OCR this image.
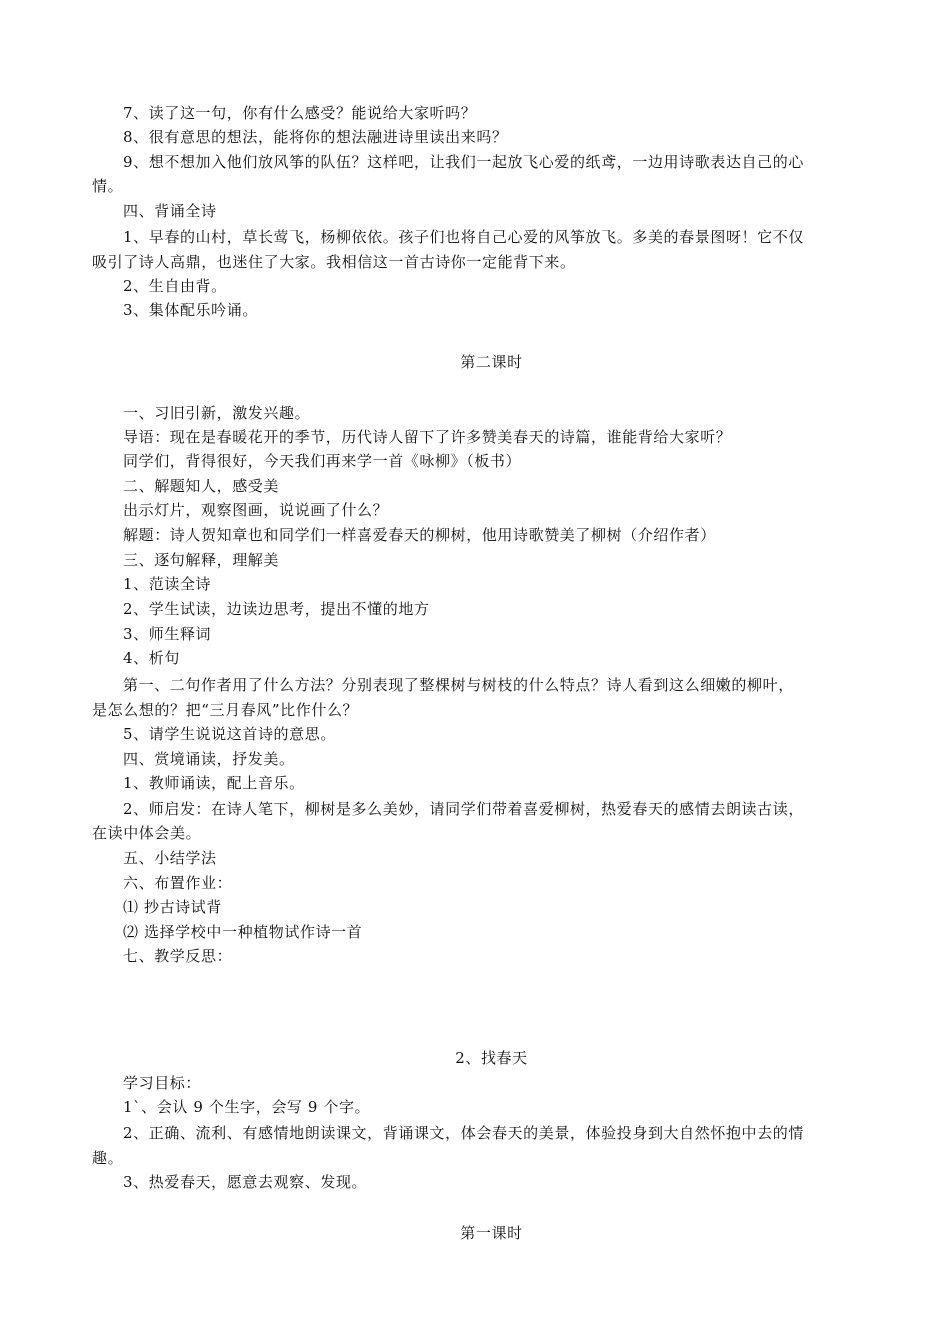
7、读了这一句，你有什么感受？能说给大家听吗？
8、很有意思的想法，能将你的想法融进诗里读出来吗？
9、想不想加入他们放风筝的队伍？这样吧，让我们一起放飞心爱的纸鸢，一边用诗歌表达自己的心
情。
四、背诵全诗
1、早春的山村，草长莺飞，杨柳依依。孩子们也将自己心爱的风筝放飞。多美的春景图呀！它不仅
吸引了诗人高鼎，也迷住了大家。我相信这一首古诗你一定能背下来。
2、生自由背。
3、集体配乐吟诵。
第二课时
一、习旧引新，激发兴趣。
导语：现在是春暖花开的季节，历代诗人留下了许多赞美春天的诗篇，谁能背给大家听？
同学们，背得很好，今天我们再来学一首《咏柳》（板书）
二、解题知人，感受美
出示灯片，观察图画，说说画了什么？
解题：诗人贺知章也和同学们一样喜爱春天的柳树，他用诗歌赞美了柳树（介绍作者）
三、逐句解释，理解美
1、范读全诗
2、学生试读，边读边思考，提出不懂的地方
3、师生释词
4、析句
第一、二句作者用了什么方法？分别表现了整棵树与树枝的什么特点？诗人看到这么细嫩的柳叶，
是怎么想的？把“三月春风”比作什么？
5、请学生说说这首诗的意思。
四、赏境诵读，抒发美。
1、教师诵读，配上音乐。
2、师启发：在诗人笔下，柳树是多么美妙，请同学们带着喜爱柳树，热爱春天的感情去朗读古读，
在读中体会美。
五、小结学法
六、布置作业：
⑴ 抄古诗试背
⑵ 选择学校中一种植物试作诗一首
七、教学反思：
2、找春天
学习目标：
1`、会认 9 个生字，会写 9 个字。
2、正确、流利、有感情地朗读课文，背诵课文，体会春天的美景，体验投身到大自然怀抱中去的情
趣。
3、热爱春天，愿意去观察、发现。
第一课时
